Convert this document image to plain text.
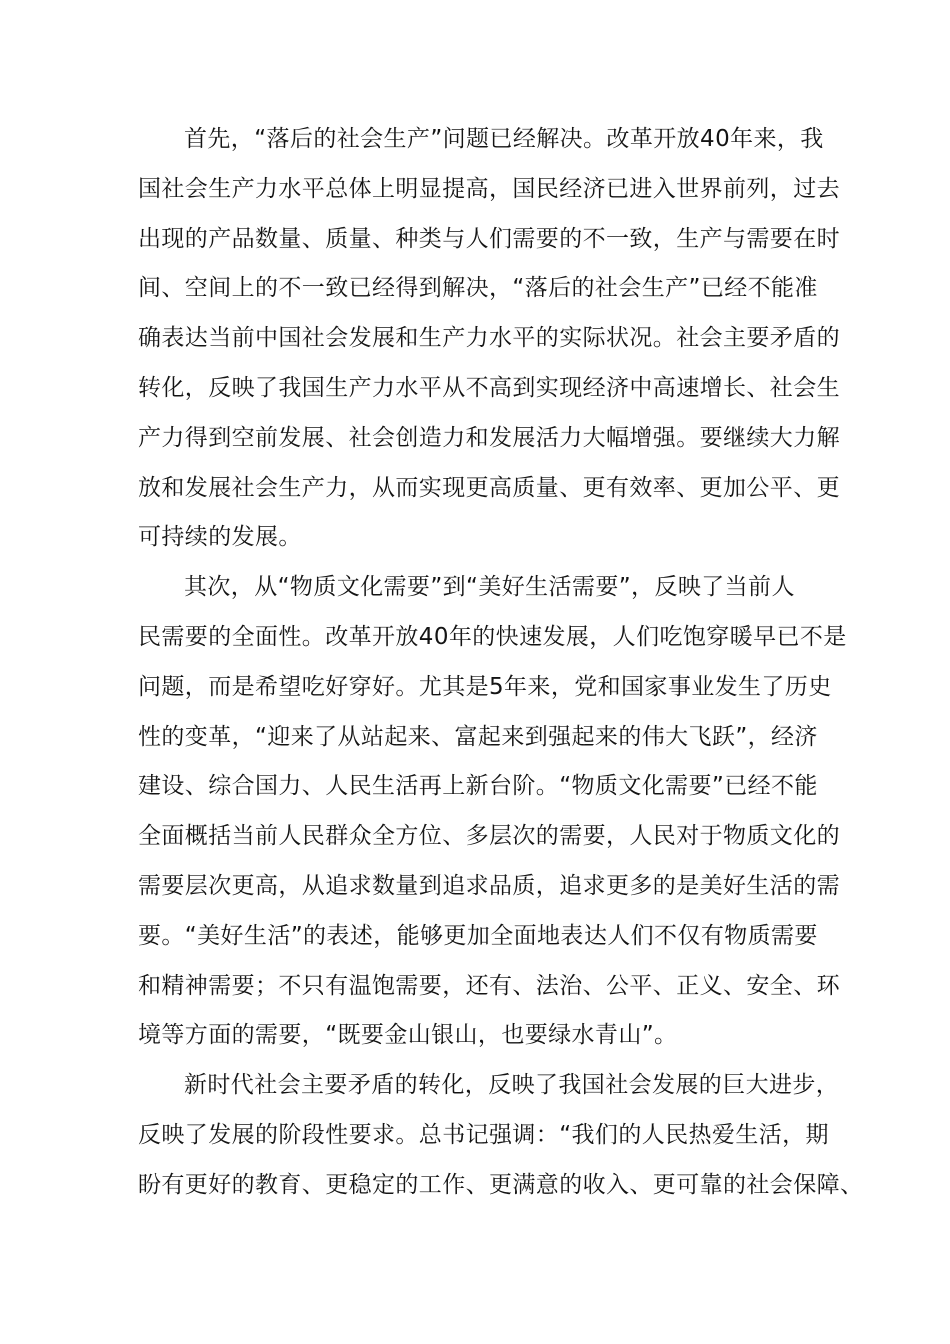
首先，“落后的社会生产”问题已经解决。改革开放40年来，我
国社会生产力水平总体上明显提高，国民经济已进入世界前列，过去
出现的产品数量、质量、种类与人们需要的不一致，生产与需要在时
间、空间上的不一致已经得到解决，“落后的社会生产”已经不能准
确表达当前中国社会发展和生产力水平的实际状况。社会主要矛盾的
转化，反映了我国生产力水平从不高到实现经济中高速增长、社会生
产力得到空前发展、社会创造力和发展活力大幅增强。要继续大力解
放和发展社会生产力，从而实现更高质量、更有效率、更加公平、更
可持续的发展。
其次，从“物质文化需要”到“美好生活需要”，反映了当前人
民需要的全面性。改革开放40年的快速发展，人们吃饱穿暖早已不是
问题，而是希望吃好穿好。尤其是5年来，党和国家事业发生了历史
性的变革，“迎来了从站起来、富起来到强起来的伟大飞跃”，经济
建设、综合国力、人民生活再上新台阶。“物质文化需要”已经不能
全面概括当前人民群众全方位、多层次的需要，人民对于物质文化的
需要层次更高，从追求数量到追求品质，追求更多的是美好生活的需
要。“美好生活”的表述，能够更加全面地表达人们不仅有物质需要
和精神需要；不只有温饱需要，还有、法治、公平、正义、安全、环
境等方面的需要，“既要金山银山，也要绿水青山”。
新时代社会主要矛盾的转化，反映了我国社会发展的巨大进步，
反映了发展的阶段性要求。总书记强调：“我们的人民热爱生活，期
盼有更好的教育、更稳定的工作、更满意的收入、更可靠的社会保障、
